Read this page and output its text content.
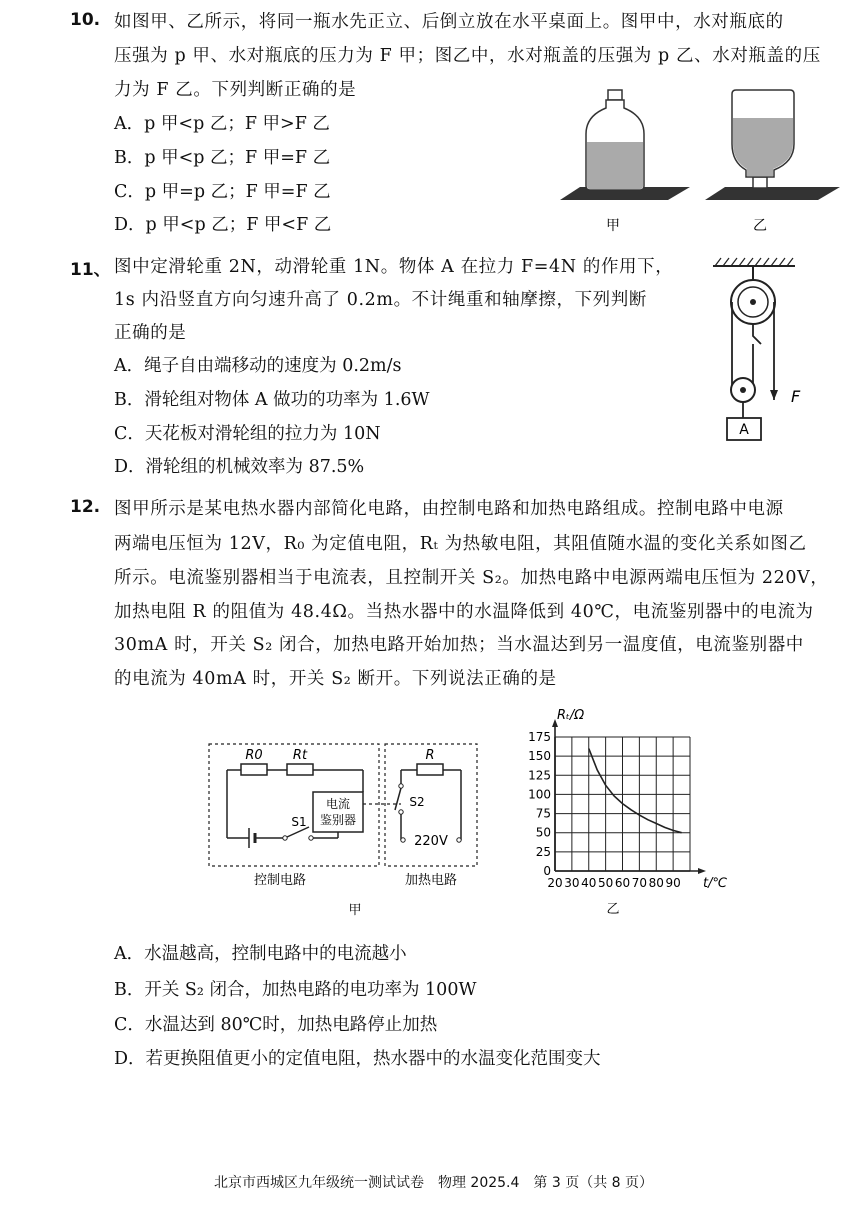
10. 如图甲、乙所示，将同一瓶水先正立、后倒立放在水平桌面上。图甲中，水对瓶底的
压强为 p 甲、水对瓶底的压力为 F 甲；图乙中，水对瓶盖的压强为 p 乙、水对瓶盖的压
力为 F 乙。下列判断正确的是
A．p 甲<p 乙；F 甲>F 乙
B．p 甲<p 乙；F 甲=F 乙
C．p 甲=p 乙；F 甲=F 乙
D．p 甲<p 乙；F 甲<F 乙	甲	乙
11、 图中定滑轮重 2N，动滑轮重 1N。物体 A 在拉力 F=4N 的作用下，
1s 内沿竖直方向匀速升高了 0.2m。不计绳重和轴摩擦，下列判断
正确的是
A．绳子自由端移动的速度为 0.2m/s
B．滑轮组对物体 A 做功的功率为 1.6W
C．天花板对滑轮组的拉力为 10N
D．滑轮组的机械效率为 87.5%
A
F
12. 图甲所示是某电热水器内部简化电路，由控制电路和加热电路组成。控制电路中电源
两端电压恒为 12V，R₀ 为定值电阻，Rₜ 为热敏电阻，其阻值随水温的变化关系如图乙
所示。电流鉴别器相当于电流表，且控制开关 S₂。加热电路中电源两端电压恒为 220V，
加热电阻 R 的阻值为 48.4Ω。当热水器中的水温降低到 40℃，电流鉴别器中的电流为
30mA 时，开关 S₂ 闭合，加热电路开始加热；当水温达到另一温度值，电流鉴别器中
的电流为 40mA 时，开关 S₂ 断开。下列说法正确的是
电流
鉴别器
220V
R0 Rt	R
S1
S2
控制电路	加热电路
甲
25
50
75
100
125
150
175
0
20 30 40 50 60 70 80 90
Rₜ/Ω
t/℃
乙
A．水温越高，控制电路中的电流越小
B．开关 S₂ 闭合，加热电路的电功率为 100W
C．水温达到 80℃时，加热电路停止加热
D．若更换阻值更小的定值电阻，热水器中的水温变化范围变大
北京市西城区九年级统一测试试卷　物理 2025.4　第 3 页（共 8 页）
